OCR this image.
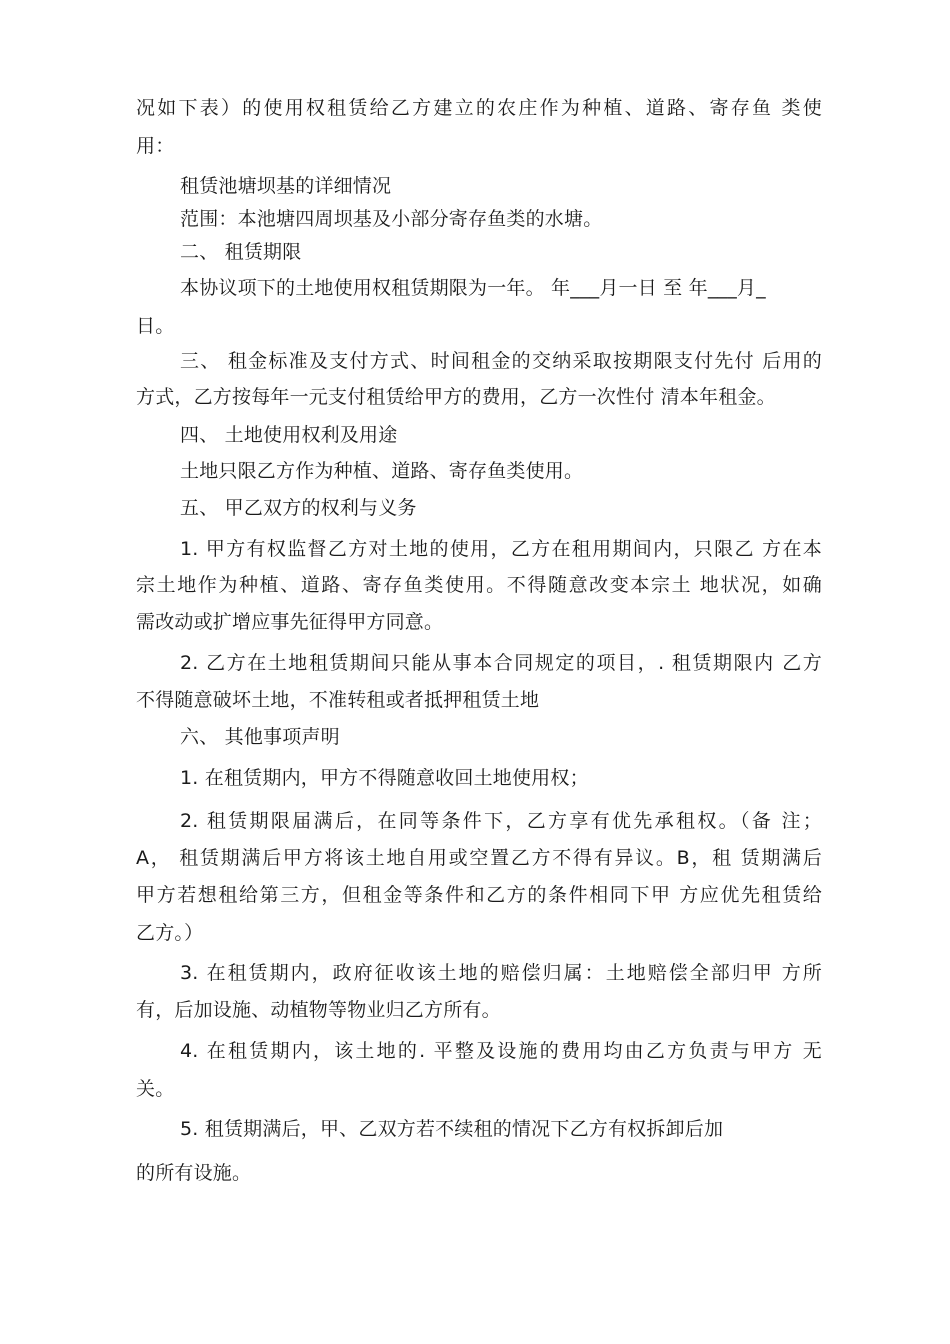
况如下表）的使用权租赁给乙方建立的农庄作为种植、道路、寄存鱼 类使
用：
租赁池塘坝基的详细情况
范围：本池塘四周坝基及小部分寄存鱼类的水塘。
二、 租赁期限
本协议项下的土地使用权租赁期限为一年。 年___月一日 至 年___月_
日。
三、 租金标准及支付方式、时间租金的交纳采取按期限支付先付 后用的
方式，乙方按每年一元支付租赁给甲方的费用，乙方一次性付 清本年租金。
四、 土地使用权利及用途
土地只限乙方作为种植、道路、寄存鱼类使用。
五、 甲乙双方的权利与义务
1. 甲方有权监督乙方对土地的使用，乙方在租用期间内，只限乙 方在本
宗土地作为种植、道路、寄存鱼类使用。不得随意改变本宗土 地状况，如确
需改动或扩增应事先征得甲方同意。
2. 乙方在土地租赁期间只能从事本合同规定的项目，. 租赁期限内 乙方
不得随意破坏土地，不准转租或者抵押租赁土地
六、 其他事项声明
1. 在租赁期内，甲方不得随意收回土地使用权；
2. 租赁期限届满后，在同等条件下，乙方享有优先承租权。（备 注；
A， 租赁期满后甲方将该土地自用或空置乙方不得有异议。B，租 赁期满后
甲方若想租给第三方，但租金等条件和乙方的条件相同下甲 方应优先租赁给
乙方。）
3. 在租赁期内，政府征收该土地的赔偿归属：土地赔偿全部归甲 方所
有，后加设施、动植物等物业归乙方所有。
4. 在租赁期内，该土地的. 平整及设施的费用均由乙方负责与甲方 无
关。
5. 租赁期满后，甲、乙双方若不续租的情况下乙方有权拆卸后加
的所有设施。
